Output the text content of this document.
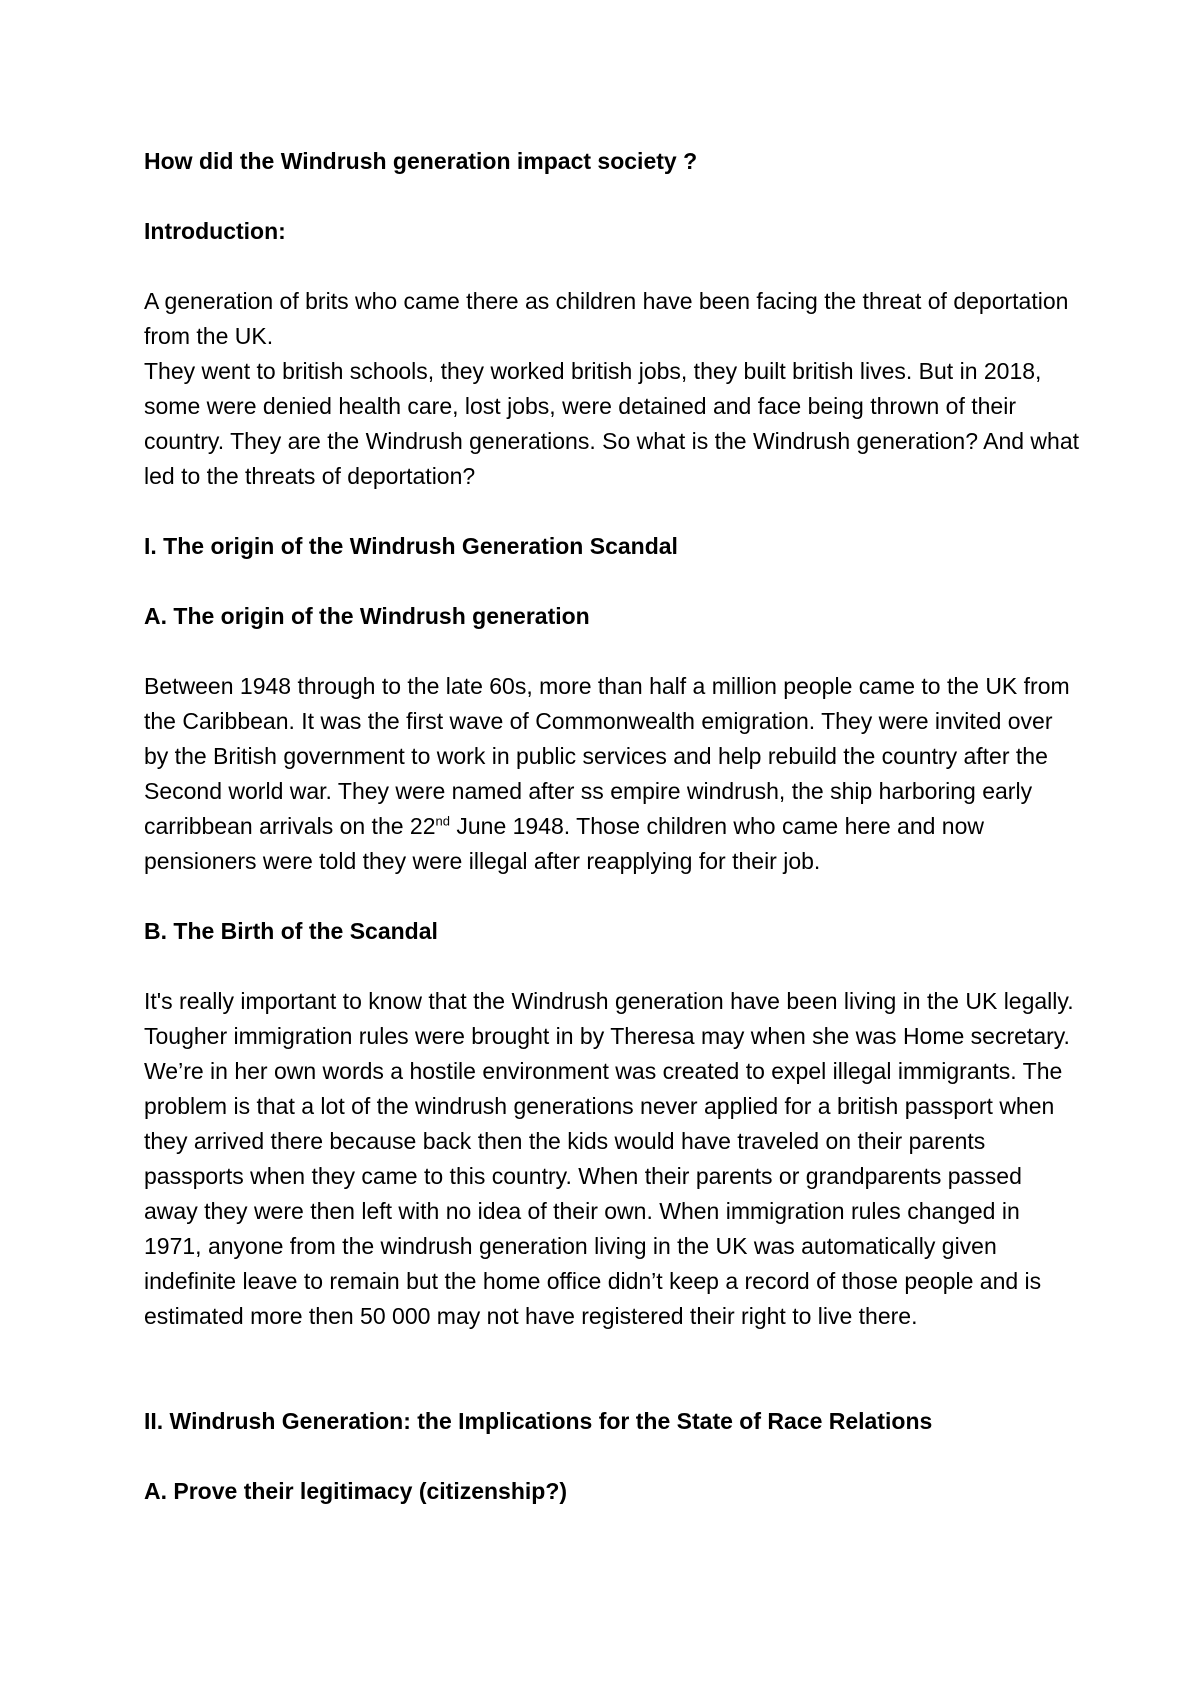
How did the Windrush generation impact society ?

Introduction:

A generation of brits who came there as children have been facing the threat of deportation from the UK.

They went to british schools, they worked british jobs, they built british lives. But in 2018, some were denied health care, lost jobs, were detained and face being thrown of their country. They are the Windrush generations. So what is the Windrush generation? And what led to the threats of deportation?

I. The origin of the Windrush Generation Scandal

A. The origin of the Windrush generation

Between 1948 through to the late 60s, more than half a million people came to the UK from the Caribbean. It was the first wave of Commonwealth emigration. They were invited over by the British government to work in public services and help rebuild the country after the Second world war. They were named after ss empire windrush, the ship harboring early carribbean arrivals on the 22nd June 1948. Those children who came here and now pensioners were told they were illegal after reapplying for their job.

B. The Birth of the Scandal

It's really important to know that the Windrush generation have been living in the UK legally. Tougher immigration rules were brought in by Theresa may when she was Home secretary. We’re in her own words a hostile environment was created to expel illegal immigrants. The problem is that a lot of the windrush generations never applied for a british passport when they arrived there because back then the kids would have traveled on their parents passports when they came to this country. When their parents or grandparents passed away they were then left with no idea of their own. When immigration rules changed in 1971, anyone from the windrush generation living in the UK was automatically given indefinite leave to remain but the home office didn’t keep a record of those people and is estimated more then 50 000 may not have registered their right to live there.

II. Windrush Generation: the Implications for the State of Race Relations

A. Prove their legitimacy (citizenship?)
